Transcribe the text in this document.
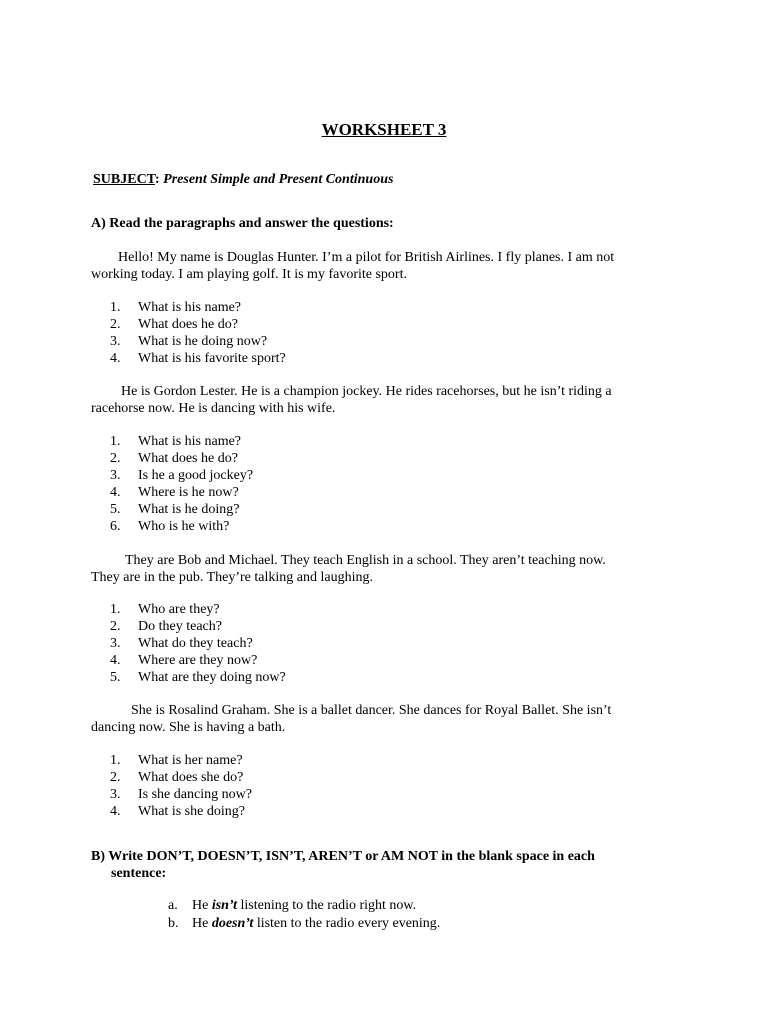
WORKSHEET 3
SUBJECT: Present Simple and Present Continuous
A) Read the paragraphs and answer the questions:

Hello! My name is Douglas Hunter. I’m a pilot for British Airlines. I fly planes. I am not

working today. I am playing golf. It is my favorite sport.

1. What is his name?
2. What does he do?
3. What is he doing now?
4. What is his favorite sport?

He is Gordon Lester. He is a champion jockey. He rides racehorses, but he isn’t riding a

racehorse now. He is dancing with his wife.

1. What is his name?
2. What does he do?
3. Is he a good jockey?
4. Where is he now?
5. What is he doing?
6. Who is he with?

They are Bob and Michael. They teach English in a school. They aren’t teaching now.

They are in the pub. They’re talking and laughing.

1. Who are they?
2. Do they teach?
3. What do they teach?
4. Where are they now?
5. What are they doing now?

She is Rosalind Graham. She is a ballet dancer. She dances for Royal Ballet. She isn’t

dancing now. She is having a bath.

1. What is her name?
2. What does she do?
3. Is she dancing now?
4. What is she doing?
B) Write DON’T, DOESN’T, ISN’T, AREN’T or AM NOT in the blank space in each
sentence:
a. He isn’t listening to the radio right now.
b. He doesn’t listen to the radio every evening.
